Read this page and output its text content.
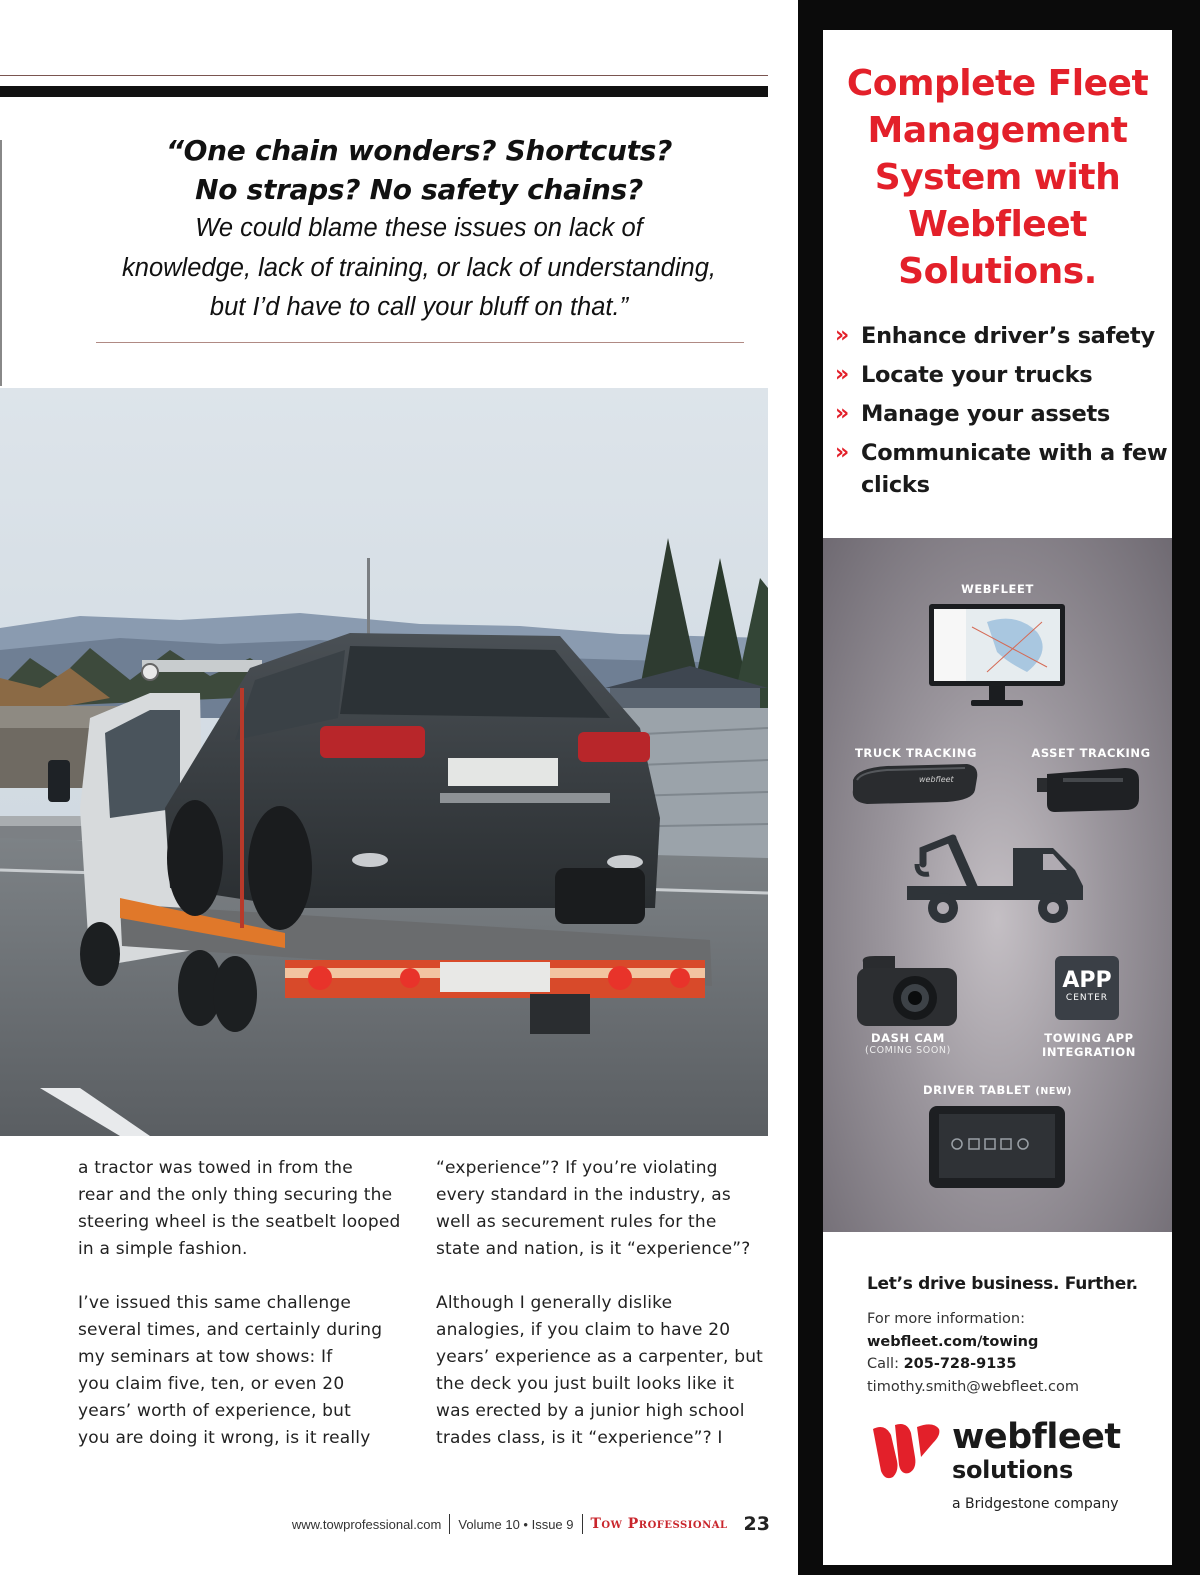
“One chain wonders? Shortcuts?
No straps? No safety chains?
We could blame these issues on lack of
knowledge, lack of training, or lack of understanding,
but I’d have to call your bluff on that.”

a tractor was towed in from the
rear and the only thing securing the
steering wheel is the seatbelt looped
in a simple fashion.

I’ve issued this same challenge
several times, and certainly during
my seminars at tow shows: If
you claim five, ten, or even 20
years’ worth of experience, but
you are doing it wrong, is it really

“experience”? If you’re violating
every standard in the industry, as
well as securement rules for the
state and nation, is it “experience”?

Although I generally dislike
analogies, if you claim to have 20
years’ experience as a carpenter, but
the deck you just built looks like it
was erected by a junior high school
trades class, is it “experience”? I

www.towprofessional.com Volume 10 • Issue 9 Tow Professional 23
Complete Fleet
Management
System with
Webfleet
Solutions.
» Enhance driver’s safety
» Locate your trucks
» Manage your assets
» Communicate with a few clicks
WEBFLEET
TRUCK TRACKING	ASSET TRACKING
webfleet
APP
CENTER
DASH CAM
(COMING SOON)
TOWING APP
INTEGRATION
DRIVER TABLET (NEW)
Let’s drive business. Further.
For more information:
webfleet.com/towing
Call: 205-728-9135
timothy.smith@webfleet.com
webfleet
solutions
a Bridgestone company
